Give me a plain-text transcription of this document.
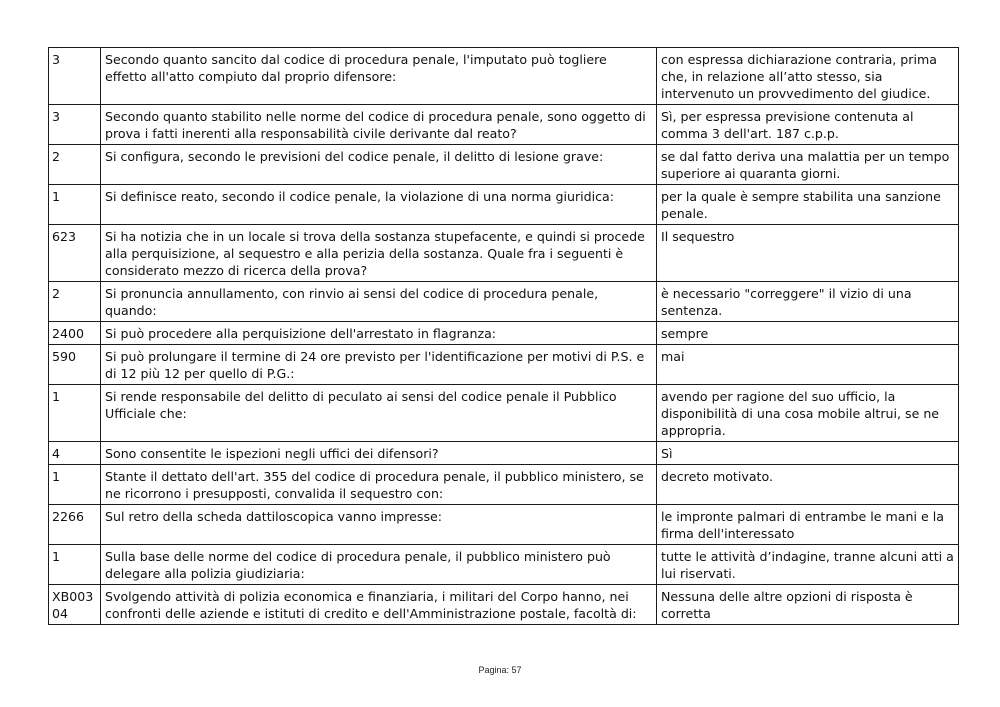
3	Secondo quanto sancito dal codice di procedura penale, l'imputato può togliere effetto all'atto compiuto dal proprio difensore:	con espressa dichiarazione contraria, prima che, in relazione all’atto stesso, sia intervenuto un provvedimento del giudice.
3	Secondo quanto stabilito nelle norme del codice di procedura penale, sono oggetto di prova i fatti inerenti alla responsabilità civile derivante dal reato?	Sì, per espressa previsione contenuta al comma 3 dell'art. 187 c.p.p.
2	Si configura, secondo le previsioni del codice penale, il delitto di lesione grave:	se dal fatto deriva una malattia per un tempo superiore ai quaranta giorni.
1	Si definisce reato, secondo il codice penale, la violazione di una norma giuridica:	per la quale è sempre stabilita una sanzione penale.
623	Si ha notizia che in un locale si trova della sostanza stupefacente, e quindi si procede alla perquisizione, al sequestro e alla perizia della sostanza. Quale fra i seguenti è considerato mezzo di ricerca della prova?	Il sequestro
2	Si pronuncia annullamento, con rinvio ai sensi del codice di procedura penale, quando:	è necessario "correggere" il vizio di una sentenza.
2400	Si può procedere alla perquisizione dell'arrestato in flagranza:	sempre
590	Si può prolungare il termine di 24 ore previsto per l'identificazione per motivi di P.S. e di 12 più 12 per quello di P.G.:	mai
1	Si rende responsabile del delitto di peculato ai sensi del codice penale il Pubblico Ufficiale che:	avendo per ragione del suo ufficio, la disponibilità di una cosa mobile altrui, se ne appropria.
4	Sono consentite le ispezioni negli uffici dei difensori?	Sì
1	Stante il dettato dell'art. 355 del codice di procedura penale, il pubblico ministero, se ne ricorrono i presupposti, convalida il sequestro con:	decreto motivato.
2266	Sul retro della scheda dattiloscopica vanno impresse:	le impronte palmari di entrambe le mani e la firma dell'interessato
1	Sulla base delle norme del codice di procedura penale, il pubblico ministero può delegare alla polizia giudiziaria:	tutte le attività d’indagine, tranne alcuni atti a lui riservati.
XB003 04	Svolgendo attività di polizia economica e finanziaria, i militari del Corpo hanno, nei confronti delle aziende e istituti di credito e dell'Amministrazione postale, facoltà di:	Nessuna delle altre opzioni di risposta è corretta
Pagina: 57
